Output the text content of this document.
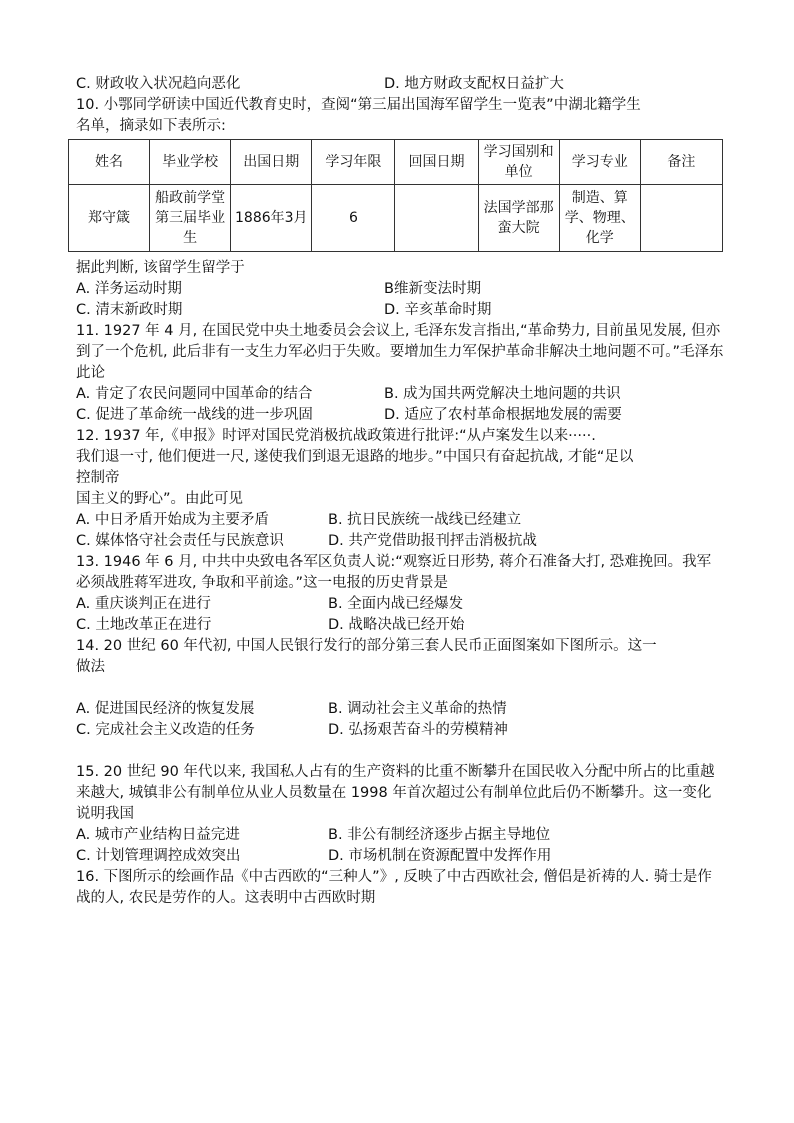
C. 财政收入状况趋向恶化	D. 地方财政支配权日益扩大
10. 小鄂同学研读中国近代教育史时，查阅“第三届出国海军留学生一览表”中湖北籍学生
名单，摘录如下表所示:
姓名	毕业学校	出国日期	学习年限	回国日期	学习国别和单位	学习专业	备注
郑守箴	船政前学堂第三届毕业生	1886年3月	6		法国学部那蛮大院	制造、算学、物理、化学	
据此判断, 该留学生留学于
A. 洋务运动时期	B维新变法时期
C. 清末新政时期	D. 辛亥革命时期
11. 1927 年 4 月, 在国民党中央土地委员会会议上, 毛泽东发言指出,“革命势力, 目前虽见发展, 但亦到了一个危机, 此后非有一支生力军必归于失败。要增加生力军保护革命非解决土地问题不可。”毛泽东此论
A. 肯定了农民问题同中国革命的结合	B. 成为国共两党解决土地问题的共识
C. 促进了革命统一战线的进一步巩固	D. 适应了农村革命根据地发展的需要
12. 1937 年,《申报》时评对国民党消极抗战政策进行批评:“从卢案发生以来·····.
我们退一寸, 他们便进一尺, 遂使我们到退无退路的地步。”中国只有奋起抗战, 才能“足以
控制帝
国主义的野心”。由此可见
A. 中日矛盾开始成为主要矛盾	B. 抗日民族统一战线已经建立
C. 媒体恪守社会责任与民族意识	D. 共产党借助报刊抨击消极抗战
13. 1946 年 6 月, 中共中央致电各军区负责人说:“观察近日形势, 蒋介石准备大打, 恐难挽回。我军必须战胜蒋军进攻, 争取和平前途。”这一电报的历史背景是
A. 重庆谈判正在进行	B. 全面内战已经爆发
C. 土地改革正在进行	D. 战略决战已经开始
14. 20 世纪 60 年代初, 中国人民银行发行的部分第三套人民币正面图案如下图所示。这一
做法
A. 促进国民经济的恢复发展	B. 调动社会主义革命的热情
C. 完成社会主义改造的任务	D. 弘扬艰苦奋斗的劳模精神
15. 20 世纪 90 年代以来, 我国私人占有的生产资料的比重不断攀升在国民收入分配中所占的比重越来越大, 城镇非公有制单位从业人员数量在 1998 年首次超过公有制单位此后仍不断攀升。这一变化说明我国
A. 城市产业结构日益完进	B. 非公有制经济逐步占据主导地位
C. 计划管理调控成效突出	D. 市场机制在资源配置中发挥作用
16. 下图所示的绘画作品《中古西欧的“三种人”》, 反映了中古西欧社会, 僧侣是祈祷的人. 骑士是作战的人, 农民是劳作的人。这表明中古西欧时期
